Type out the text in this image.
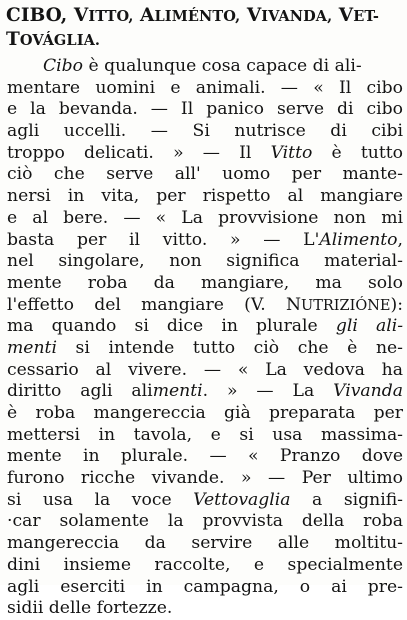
CIBO, VITTO, ALIMÉNTO, VIVANDA, VET-
TOVÁGLIA.
Cibo è qualunque cosa capace di ali-
mentare uomini e animali. — « Il cibo
e la bevanda. — Il panico serve di cibo
agli uccelli. — Si nutrisce di cibi
troppo delicati. » — Il Vitto è tutto
ciò che serve all' uomo per mante-
nersi in vita, per rispetto al mangiare
e al bere. — « La provvisione non mi
basta per il vitto. » — L'Alimento,
nel singolare, non significa material-
mente roba da mangiare, ma solo
l'effetto del mangiare (V. NUTRIZIÓNE):
ma quando si dice in plurale gli ali-
menti si intende tutto ciò che è ne-
cessario al vivere. — « La vedova ha
diritto agli alimenti. » — La Vivanda
è roba mangereccia già preparata per
mettersi in tavola, e si usa massima-
mente in plurale. — « Pranzo dove
furono ricche vivande. » — Per ultimo
si usa la voce Vettovaglia a signifi-
·car solamente la provvista della roba
mangereccia da servire alle moltitu-
dini insieme raccolte, e specialmente
agli eserciti in campagna, o ai pre-
sidii delle fortezze.
